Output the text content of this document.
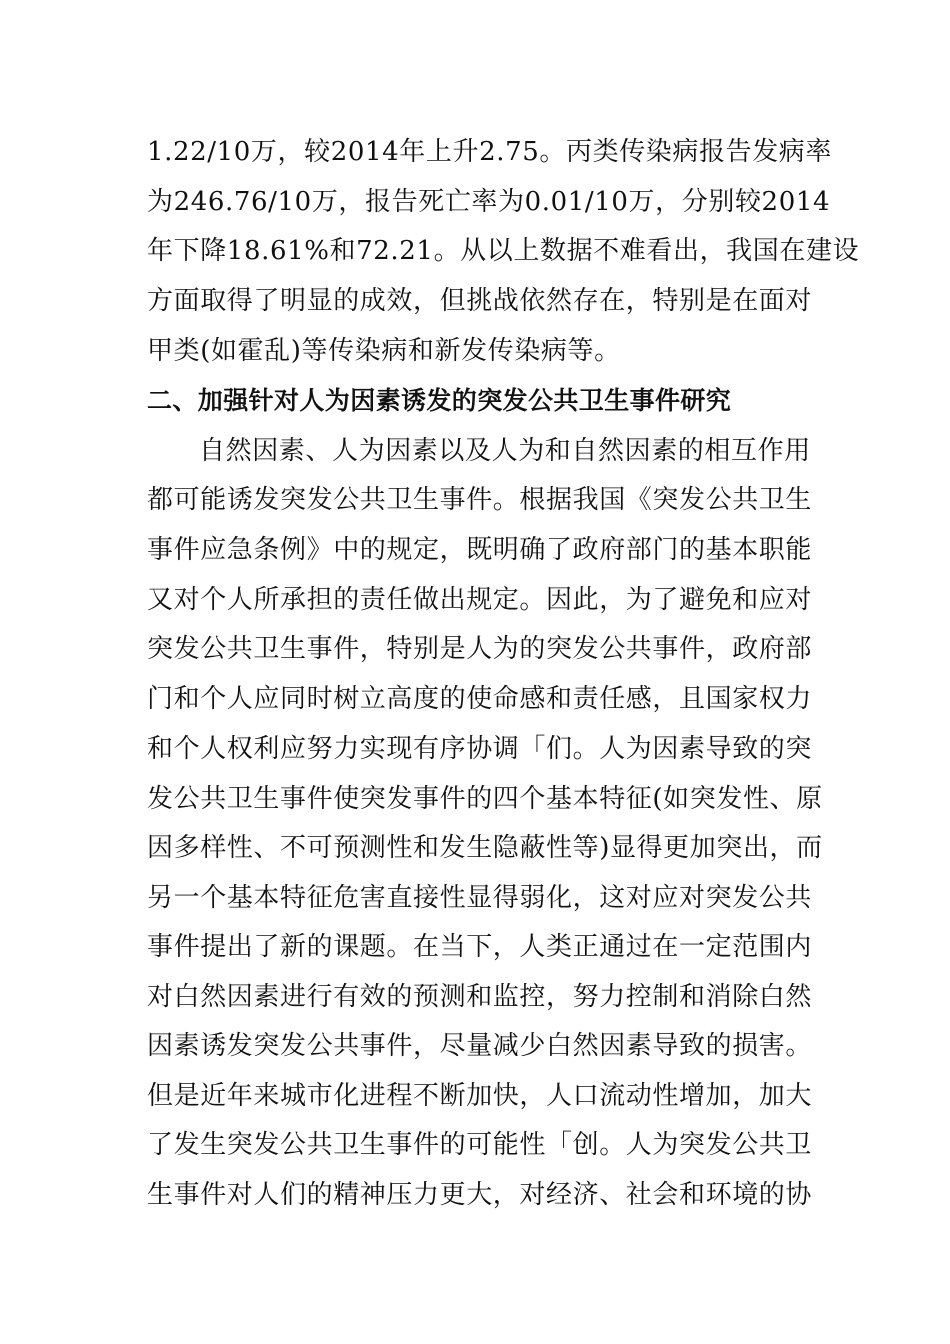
1.22/10万，较2014年上升2.75。丙类传染病报告发病率
为246.76/10万，报告死亡率为0.01/10万，分别较2014
年下降18.61%和72.21。从以上数据不难看出，我国在建设
方面取得了明显的成效，但挑战依然存在，特别是在面对
甲类(如霍乱)等传染病和新发传染病等。
二、加强针对人为因素诱发的突发公共卫生事件研究
自然因素、人为因素以及人为和自然因素的相互作用
都可能诱发突发公共卫生事件。根据我国《突发公共卫生
事件应急条例》中的规定，既明确了政府部门的基本职能
又对个人所承担的责任做出规定。因此，为了避免和应对
突发公共卫生事件，特别是人为的突发公共事件，政府部
门和个人应同时树立高度的使命感和责任感，且国家权力
和个人权利应努力实现有序协调「们。人为因素导致的突
发公共卫生事件使突发事件的四个基本特征(如突发性、原
因多样性、不可预测性和发生隐蔽性等)显得更加突出，而
另一个基本特征危害直接性显得弱化，这对应对突发公共
事件提出了新的课题。在当下，人类正通过在一定范围内
对白然因素进行有效的预测和监控，努力控制和消除白然
因素诱发突发公共事件，尽量减少白然因素导致的损害。
但是近年来城市化进程不断加快，人口流动性增加，加大
了发生突发公共卫生事件的可能性「创。人为突发公共卫
生事件对人们的精神压力更大，对经济、社会和环境的协
